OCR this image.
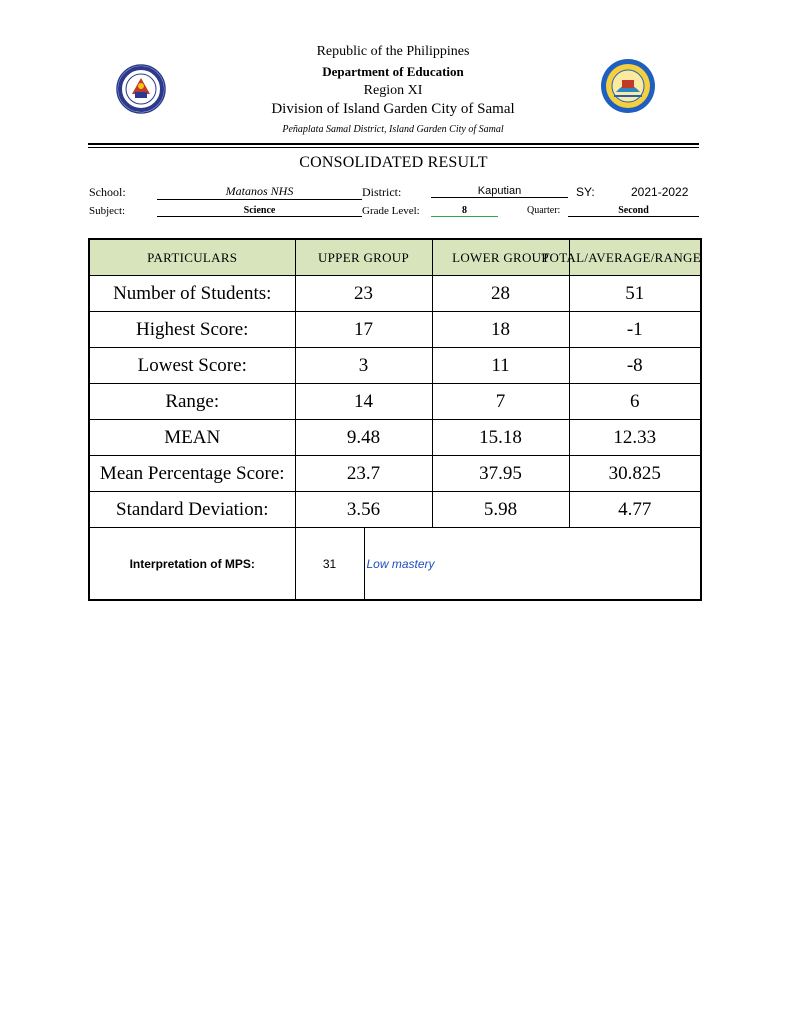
Republic of the Philippines
Department of Education
Region XI
Division of Island Garden City of Samal
Peñaplata Samal District, Island Garden City of Samal
CONSOLIDATED RESULT
School:	Matanos NHS	District:	Kaputian	SY:	2021-2022
Subject:	Science	Grade Level:	8	Quarter:	Second
PARTICULARS	UPPER GROUP	LOWER GROUP	TOTAL/AVERAGE/RANGE

Number of Students:	23	28	51
Highest Score:	17	18	-1
Lowest Score:	3	11	-8
Range:	14	7	6
MEAN	9.48	15.18	12.33
Mean Percentage Score:	23.7	37.95	30.825
Standard Deviation:	3.56	5.98	4.77
Interpretation of MPS:	31 Low mastery		
